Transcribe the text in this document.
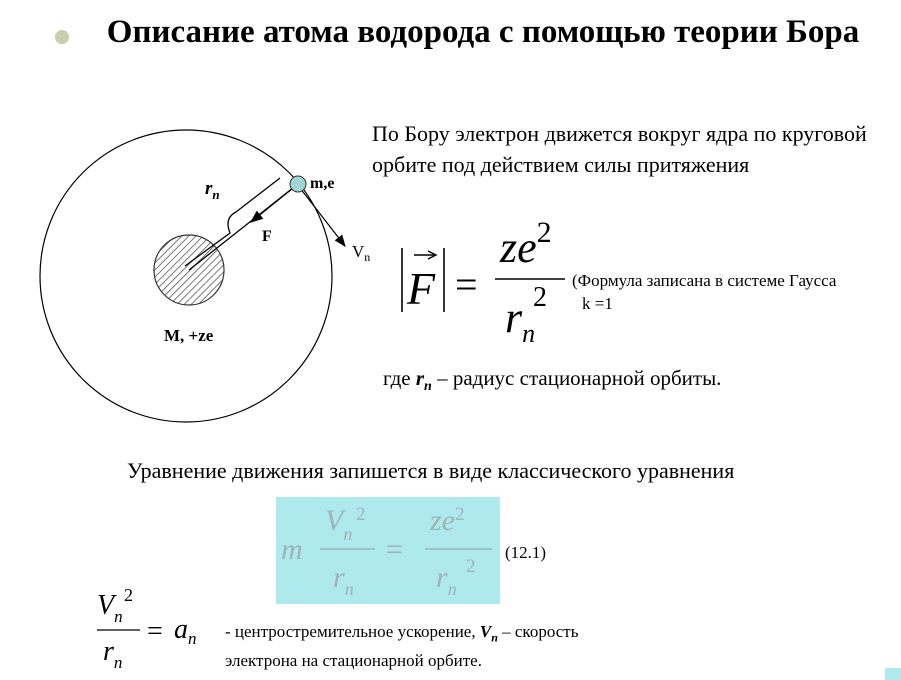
Описание атома водорода с помощью теории Бора
$r_n$
m,e
F
$V_n$
M, +ze
По Бору электрон движется вокруг ядра по круговой орбите под действием силы притяжения
F =
$ze^2$
$r_n$
2
(Формула записана в системе Гаусса
k =1
где $r_n$ – радиус стационарной орбиты.
Уравнение движения запишется в виде классического уравнения
m
$V_n$
2
$r_n$
=
$ze^2$
$r_n$
2
(12.1)
$V_n$
2
$r_n$
= $a_n$ - центростремительное ускорение, $V_n$ – скорость
электрона на стационарной орбите.
